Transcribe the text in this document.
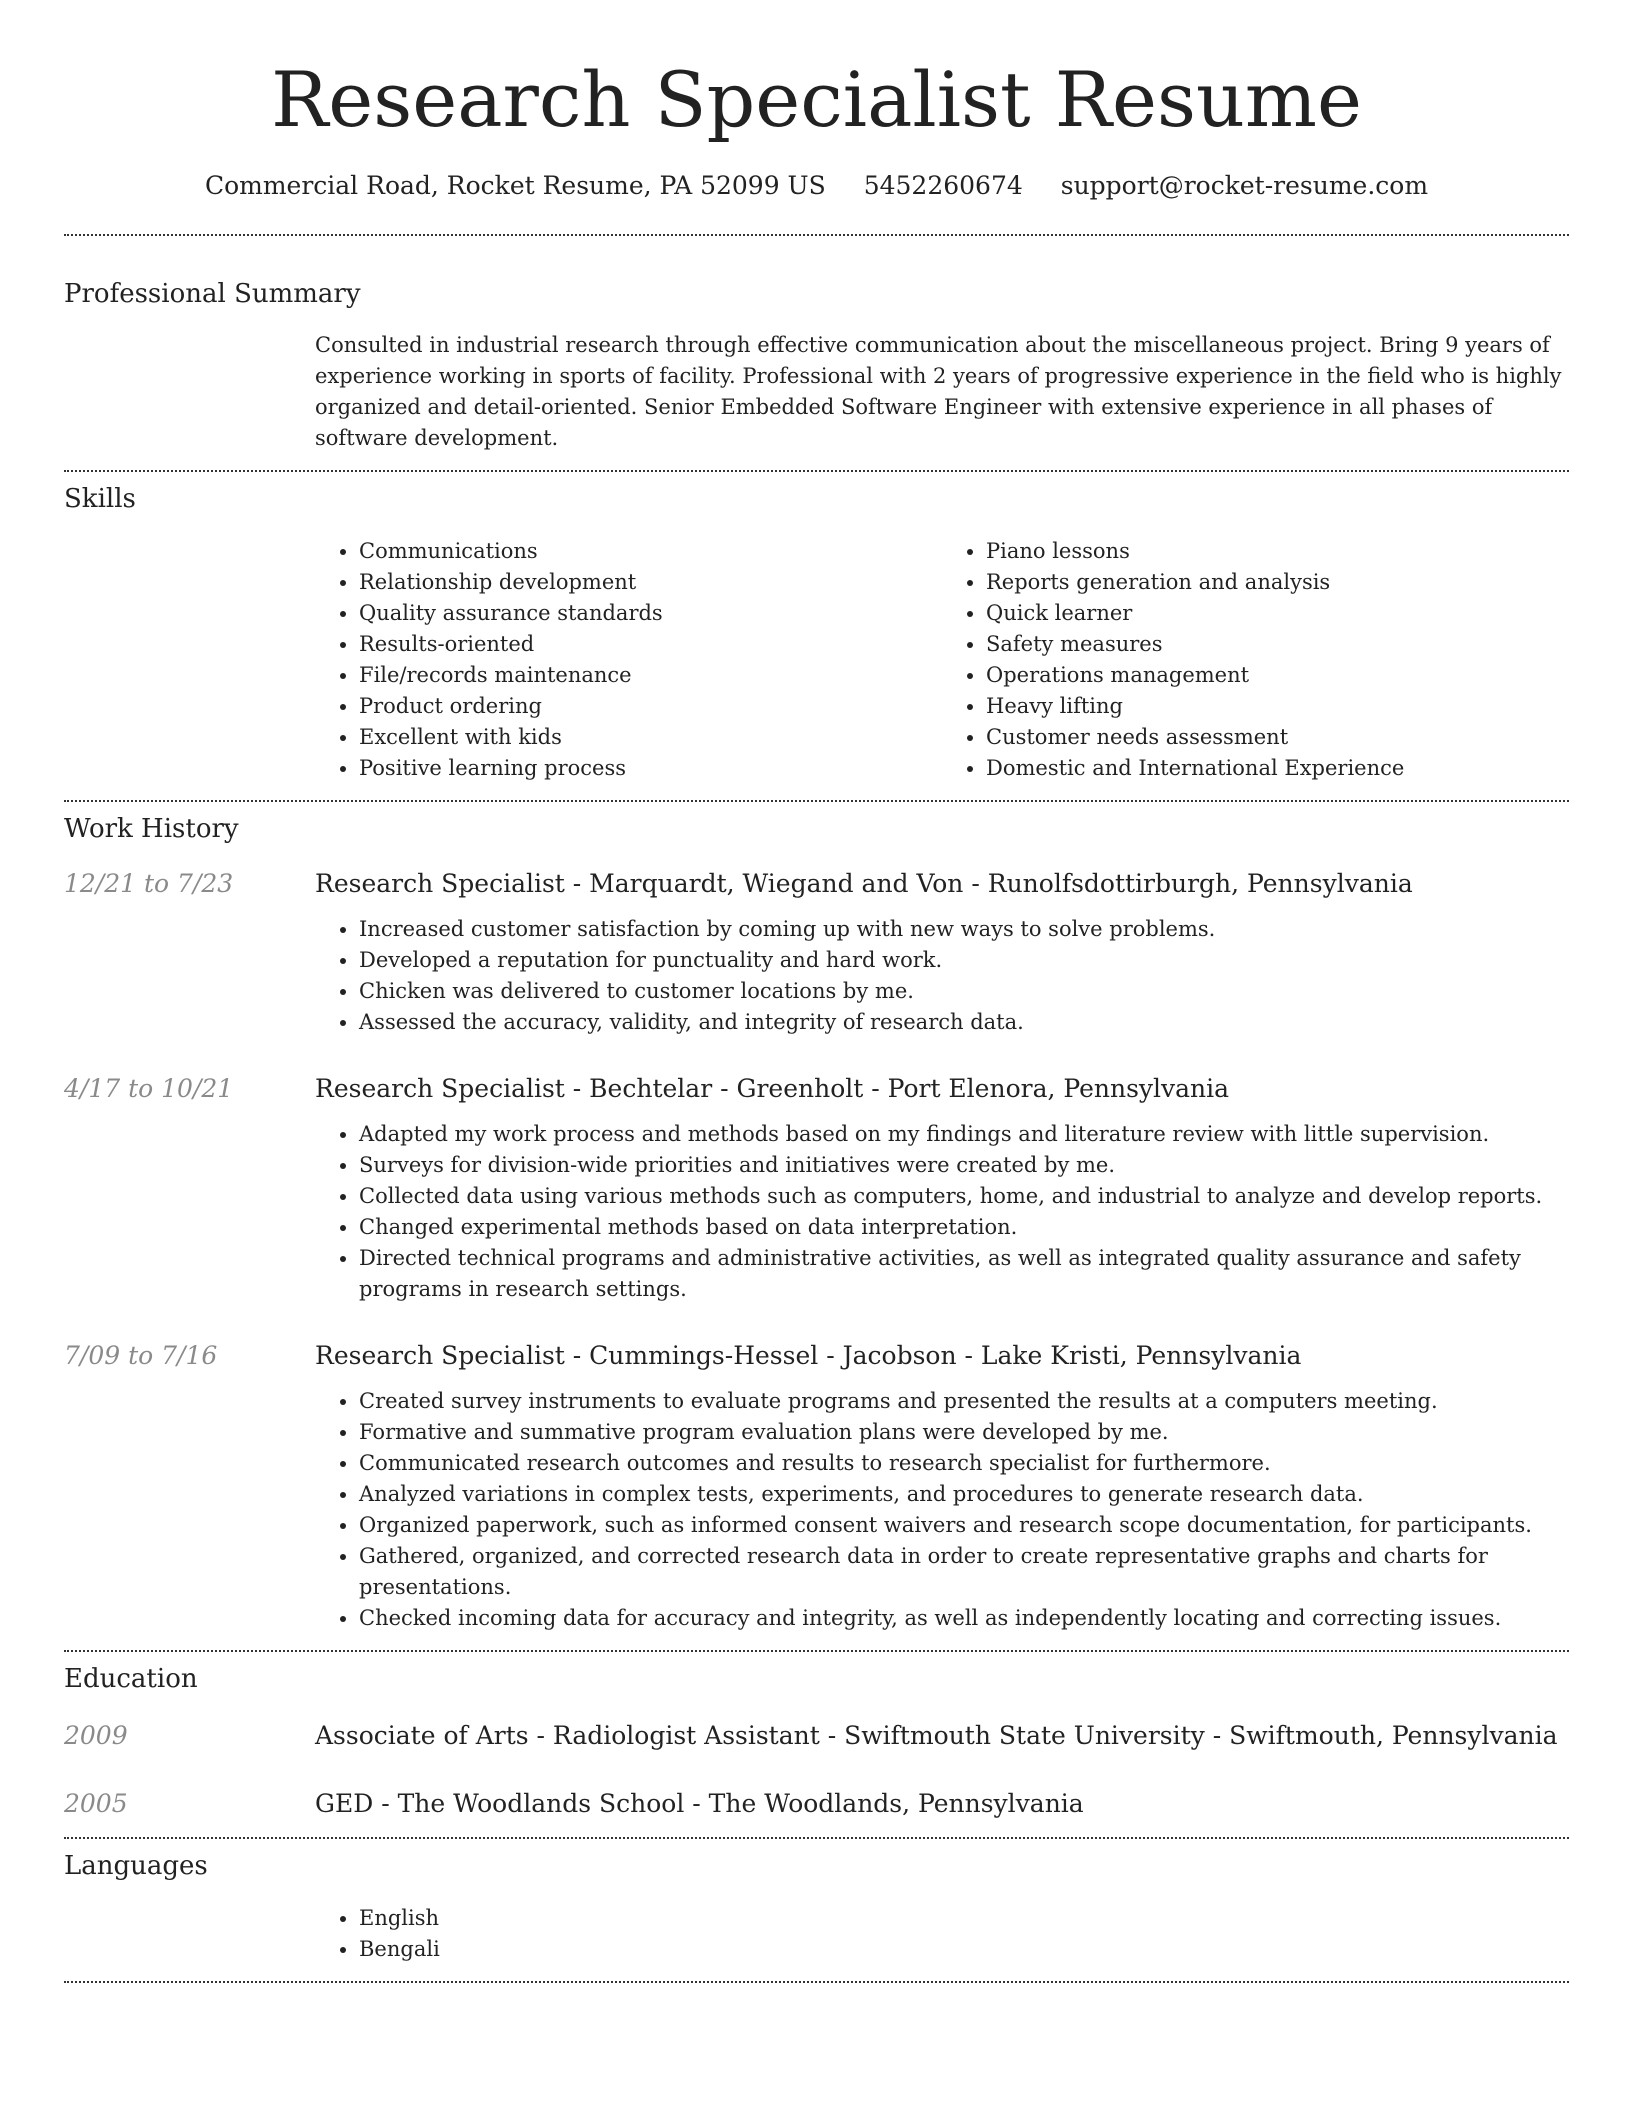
Research Specialist Resume
Commercial Road, Rocket Resume, PA 52099 US 5452260674 support@rocket-resume.com
Professional Summary

Consulted in industrial research through effective communication about the miscellaneous project. Bring 9 years of experience working in sports of facility. Professional with 2 years of progressive experience in the field who is highly organized and detail-oriented. Senior Embedded Software Engineer with extensive experience in all phases of software development.

Skills
• Communications
• Relationship development
• Quality assurance standards
• Results-oriented
• File/records maintenance
• Product ordering
• Excellent with kids
• Positive learning process
• Piano lessons
• Reports generation and analysis
• Quick learner
• Safety measures
• Operations management
• Heavy lifting
• Customer needs assessment
• Domestic and International Experience
Work History
12/21 to 7/23	Research Specialist - Marquardt, Wiegand and Von - Runolfsdottirburgh, Pennsylvania
• Increased customer satisfaction by coming up with new ways to solve problems.
• Developed a reputation for punctuality and hard work.
• Chicken was delivered to customer locations by me.
• Assessed the accuracy, validity, and integrity of research data.
4/17 to 10/21	Research Specialist - Bechtelar - Greenholt - Port Elenora, Pennsylvania
• Adapted my work process and methods based on my findings and literature review with little supervision.
• Surveys for division-wide priorities and initiatives were created by me.
• Collected data using various methods such as computers, home, and industrial to analyze and develop reports.
• Changed experimental methods based on data interpretation.
• Directed technical programs and administrative activities, as well as integrated quality assurance and safety programs in research settings.
7/09 to 7/16	Research Specialist - Cummings-Hessel - Jacobson - Lake Kristi, Pennsylvania
• Created survey instruments to evaluate programs and presented the results at a computers meeting.
• Formative and summative program evaluation plans were developed by me.
• Communicated research outcomes and results to research specialist for furthermore.
• Analyzed variations in complex tests, experiments, and procedures to generate research data.
• Organized paperwork, such as informed consent waivers and research scope documentation, for participants.
• Gathered, organized, and corrected research data in order to create representative graphs and charts for presentations.
• Checked incoming data for accuracy and integrity, as well as independently locating and correcting issues.
Education
2009	Associate of Arts - Radiologist Assistant - Swiftmouth State University - Swiftmouth, Pennsylvania
2005	GED - The Woodlands School - The Woodlands, Pennsylvania
Languages
• English
• Bengali
